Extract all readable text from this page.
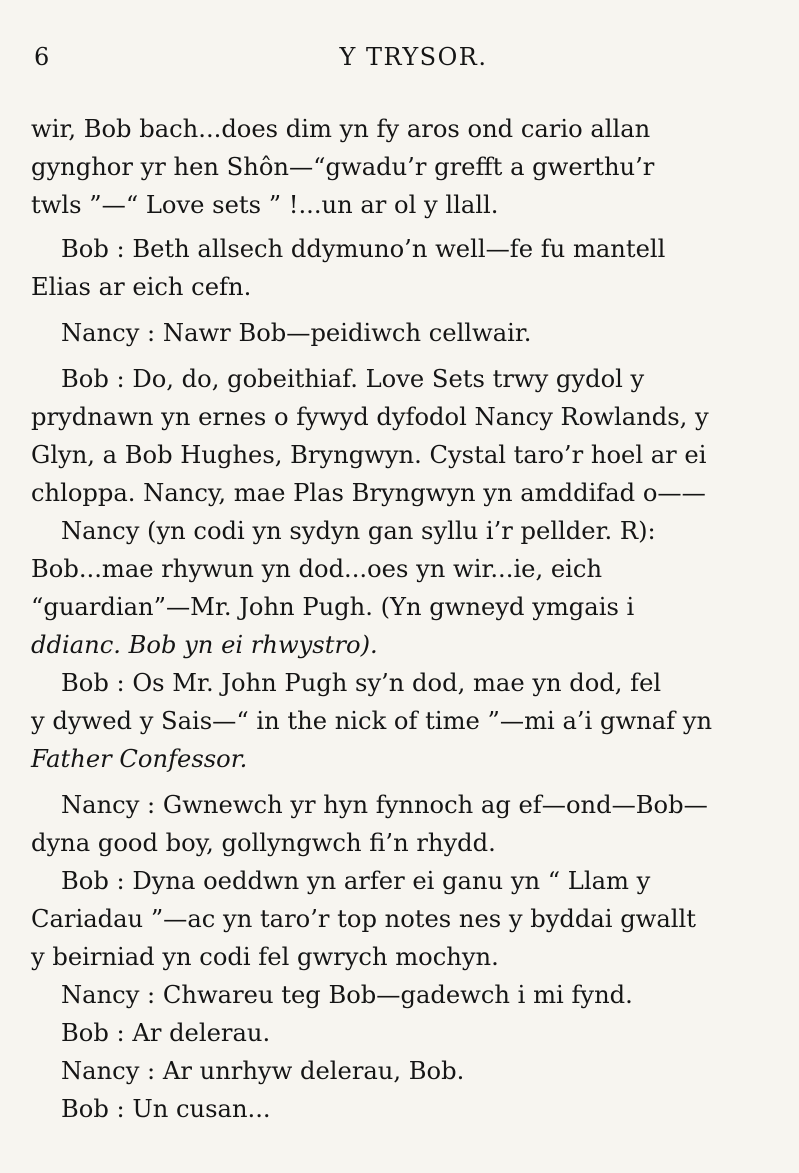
6	Y TRYSOR.
wir, Bob bach...does dim yn fy aros ond cario allan
gynghor yr hen Shôn—“gwadu’r grefft a gwerthu’r
twls ”—“ Love sets ” !...un ar ol y llall.
Bob : Beth allsech ddymuno’n well—fe fu mantell
Elias ar eich cefn.
Nancy : Nawr Bob—peidiwch cellwair.
Bob : Do, do, gobeithiaf. Love Sets trwy gydol y
prydnawn yn ernes o fywyd dyfodol Nancy Rowlands, y
Glyn, a Bob Hughes, Bryngwyn. Cystal taro’r hoel ar ei
chloppa. Nancy, mae Plas Bryngwyn yn amddifad o——
Nancy (yn codi yn sydyn gan syllu i’r pellder. R):
Bob...mae rhywun yn dod...oes yn wir...ie, eich
“guardian”—Mr. John Pugh. (Yn gwneyd ymgais i
ddianc. Bob yn ei rhwystro).
Bob : Os Mr. John Pugh sy’n dod, mae yn dod, fel
y dywed y Sais—“ in the nick of time ”—mi a’i gwnaf yn
Father Confessor.
Nancy : Gwnewch yr hyn fynnoch ag ef—ond—Bob—
dyna good boy, gollyngwch fi’n rhydd.
Bob : Dyna oeddwn yn arfer ei ganu yn “ Llam y
Cariadau ”—ac yn taro’r top notes nes y byddai gwallt
y beirniad yn codi fel gwrych mochyn.
Nancy : Chwareu teg Bob—gadewch i mi fynd.
Bob : Ar delerau.
Nancy : Ar unrhyw delerau, Bob.
Bob : Un cusan...
